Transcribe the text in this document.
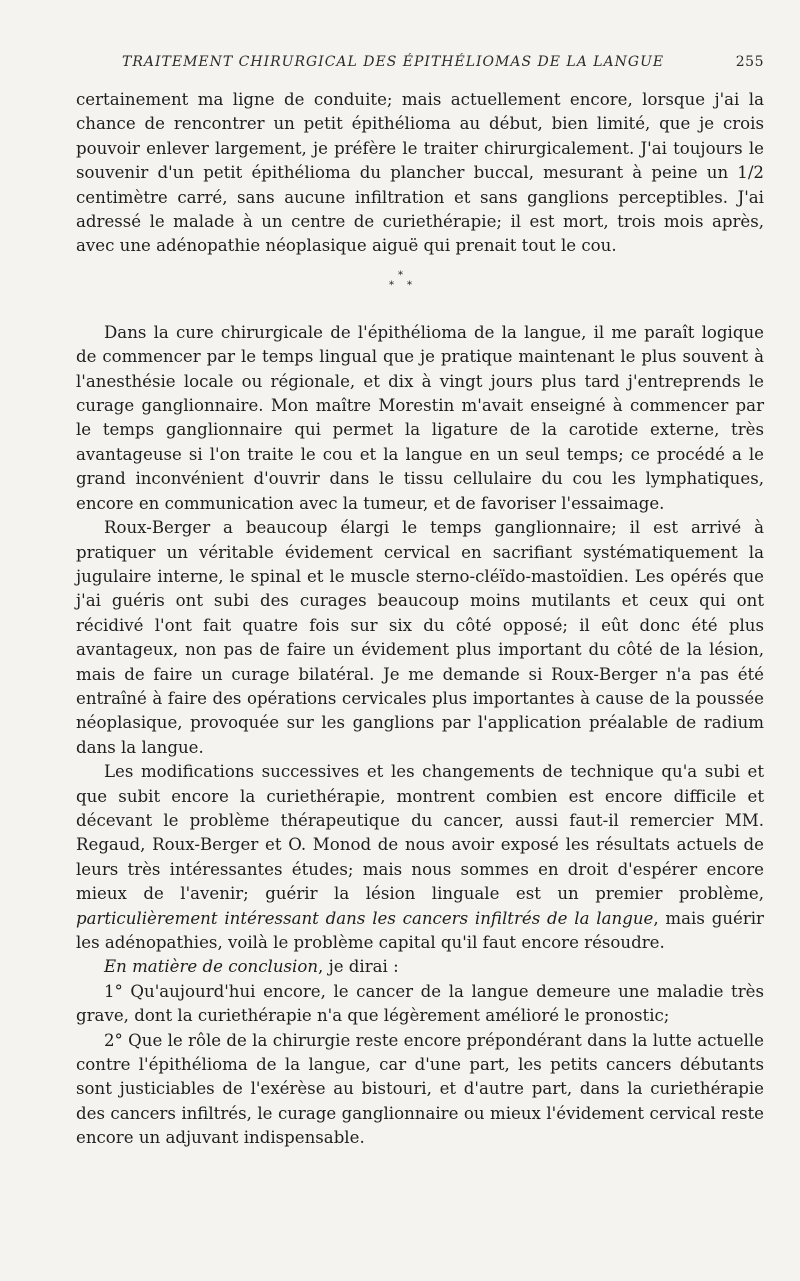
TRAITEMENT CHIRURGICAL DES ÉPITHÉLIOMAS DE LA LANGUE	255

certainement ma ligne de conduite; mais actuellement encore, lorsque j'ai la chance de rencontrer un petit épithélioma au début, bien limité, que je crois pouvoir enlever largement, je préfère le traiter chirurgicalement. J'ai toujours le souvenir d'un petit épithélioma du plancher buccal, mesurant à peine un 1/2 centimètre carré, sans aucune infiltration et sans ganglions perceptibles. J'ai adressé le malade à un centre de curiethérapie; il est mort, trois mois après, avec une adénopathie néoplasique aiguë qui prenait tout le cou.

*
* *

Dans la cure chirurgicale de l'épithélioma de la langue, il me paraît logique de commencer par le temps lingual que je pratique maintenant le plus souvent à l'anesthésie locale ou régionale, et dix à vingt jours plus tard j'entreprends le curage ganglionnaire. Mon maître Morestin m'avait enseigné à commencer par le temps ganglionnaire qui permet la ligature de la carotide externe, très avantageuse si l'on traite le cou et la langue en un seul temps; ce procédé a le grand inconvénient d'ouvrir dans le tissu cellulaire du cou les lymphatiques, encore en communication avec la tumeur, et de favoriser l'essaimage.

Roux-Berger a beaucoup élargi le temps ganglionnaire; il est arrivé à pratiquer un véritable évidement cervical en sacrifiant systématiquement la jugulaire interne, le spinal et le muscle sterno-cléïdo-mastoïdien. Les opérés que j'ai guéris ont subi des curages beaucoup moins mutilants et ceux qui ont récidivé l'ont fait quatre fois sur six du côté opposé; il eût donc été plus avantageux, non pas de faire un évidement plus important du côté de la lésion, mais de faire un curage bilatéral. Je me demande si Roux-Berger n'a pas été entraîné à faire des opérations cervicales plus importantes à cause de la poussée néoplasique, provoquée sur les ganglions par l'application préalable de radium dans la langue.

Les modifications successives et les changements de technique qu'a subi et que subit encore la curiethérapie, montrent combien est encore difficile et décevant le problème thérapeutique du cancer, aussi faut-il remercier MM. Regaud, Roux-Berger et O. Monod de nous avoir exposé les résultats actuels de leurs très intéressantes études; mais nous sommes en droit d'espérer encore mieux de l'avenir; guérir la lésion linguale est un premier problème, particulièrement intéressant dans les cancers infiltrés de la langue, mais guérir les adénopathies, voilà le problème capital qu'il faut encore résoudre.

En matière de conclusion, je dirai :

1° Qu'aujourd'hui encore, le cancer de la langue demeure une maladie très grave, dont la curiethérapie n'a que légèrement amélioré le pronostic;

2° Que le rôle de la chirurgie reste encore prépondérant dans la lutte actuelle contre l'épithélioma de la langue, car d'une part, les petits cancers débutants sont justiciables de l'exérèse au bistouri, et d'autre part, dans la curiethérapie des cancers infiltrés, le curage ganglionnaire ou mieux l'évidement cervical reste encore un adjuvant indispensable.
